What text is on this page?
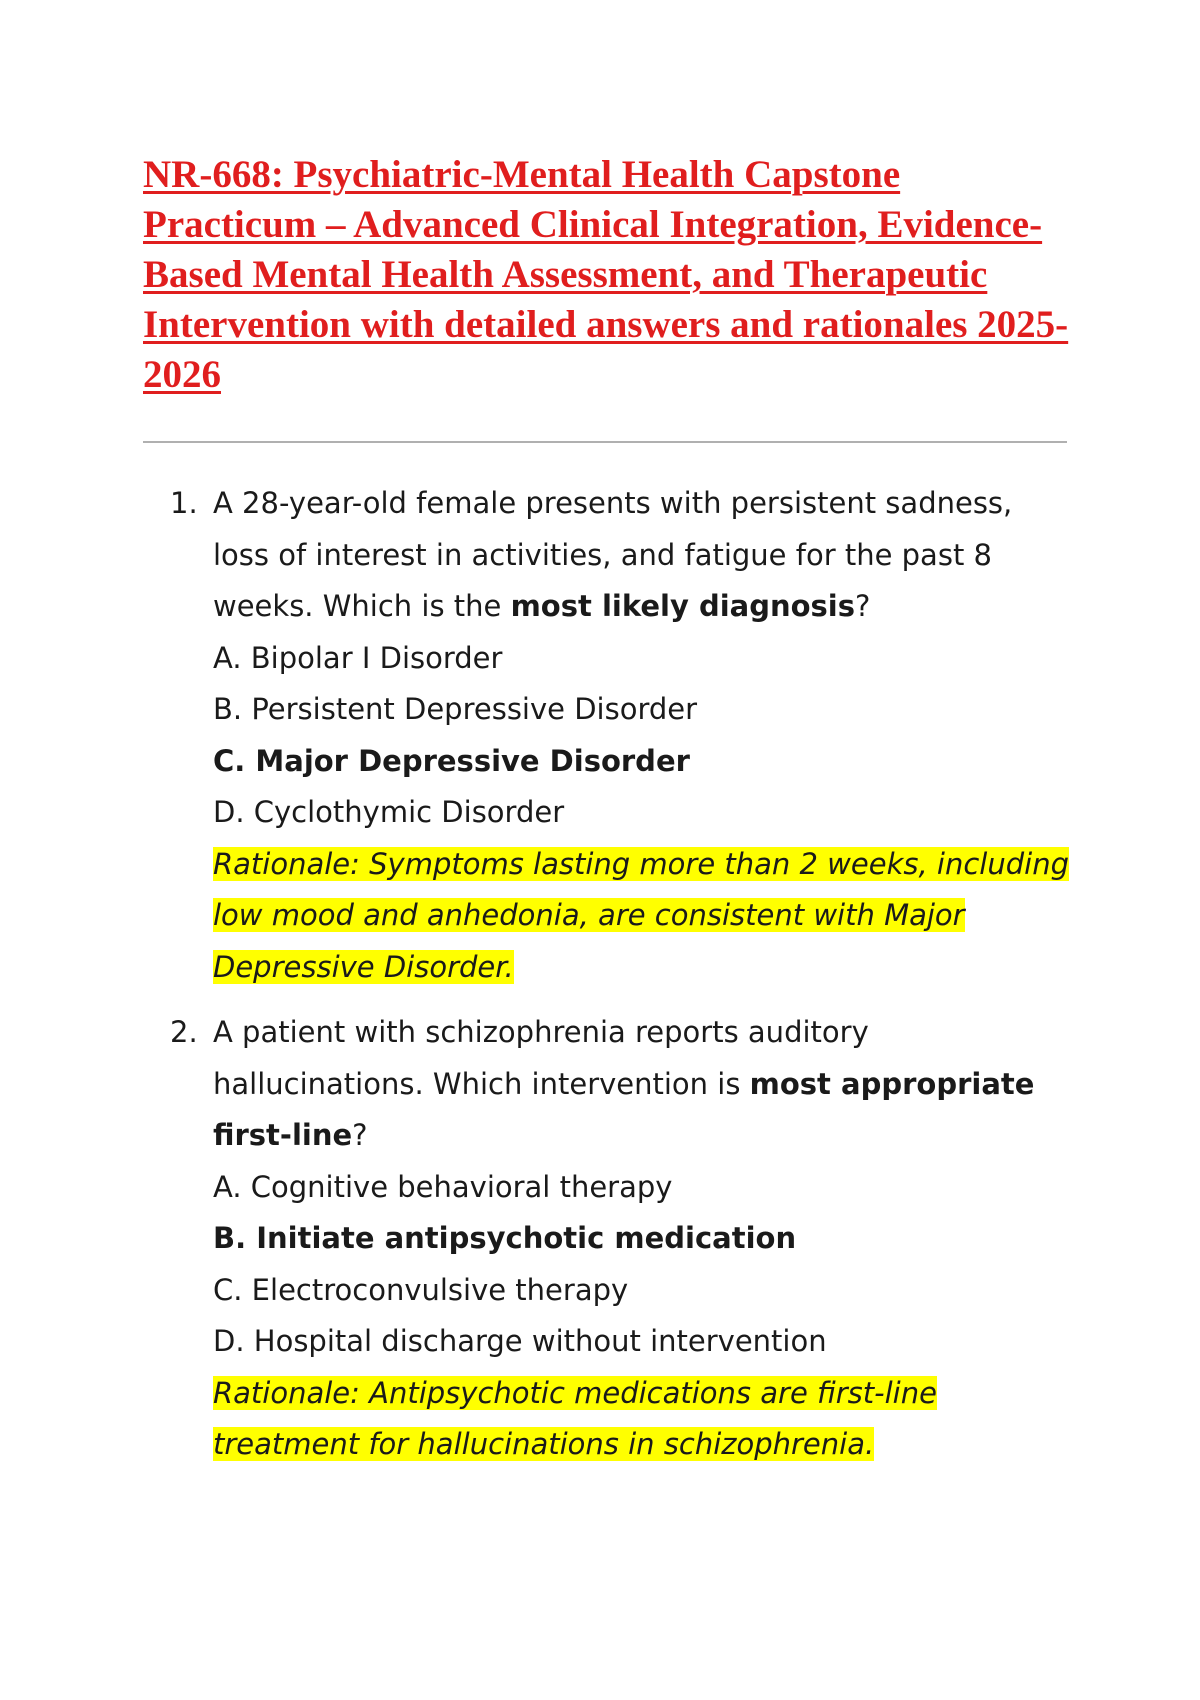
NR-668: Psychiatric-Mental Health Capstone Practicum – Advanced Clinical Integration, Evidence-Based Mental Health Assessment, and Therapeutic Intervention with detailed answers and rationales 2025-2026
1. A 28-year-old female presents with persistent sadness, loss of interest in activities, and fatigue for the past 8 weeks. Which is the most likely diagnosis?
A. Bipolar I Disorder
B. Persistent Depressive Disorder
C. Major Depressive Disorder
D. Cyclothymic Disorder
Rationale: Symptoms lasting more than 2 weeks, including low mood and anhedonia, are consistent with Major Depressive Disorder.
2. A patient with schizophrenia reports auditory hallucinations. Which intervention is most appropriate first-line?
A. Cognitive behavioral therapy
B. Initiate antipsychotic medication
C. Electroconvulsive therapy
D. Hospital discharge without intervention
Rationale: Antipsychotic medications are first-line treatment for hallucinations in schizophrenia.
